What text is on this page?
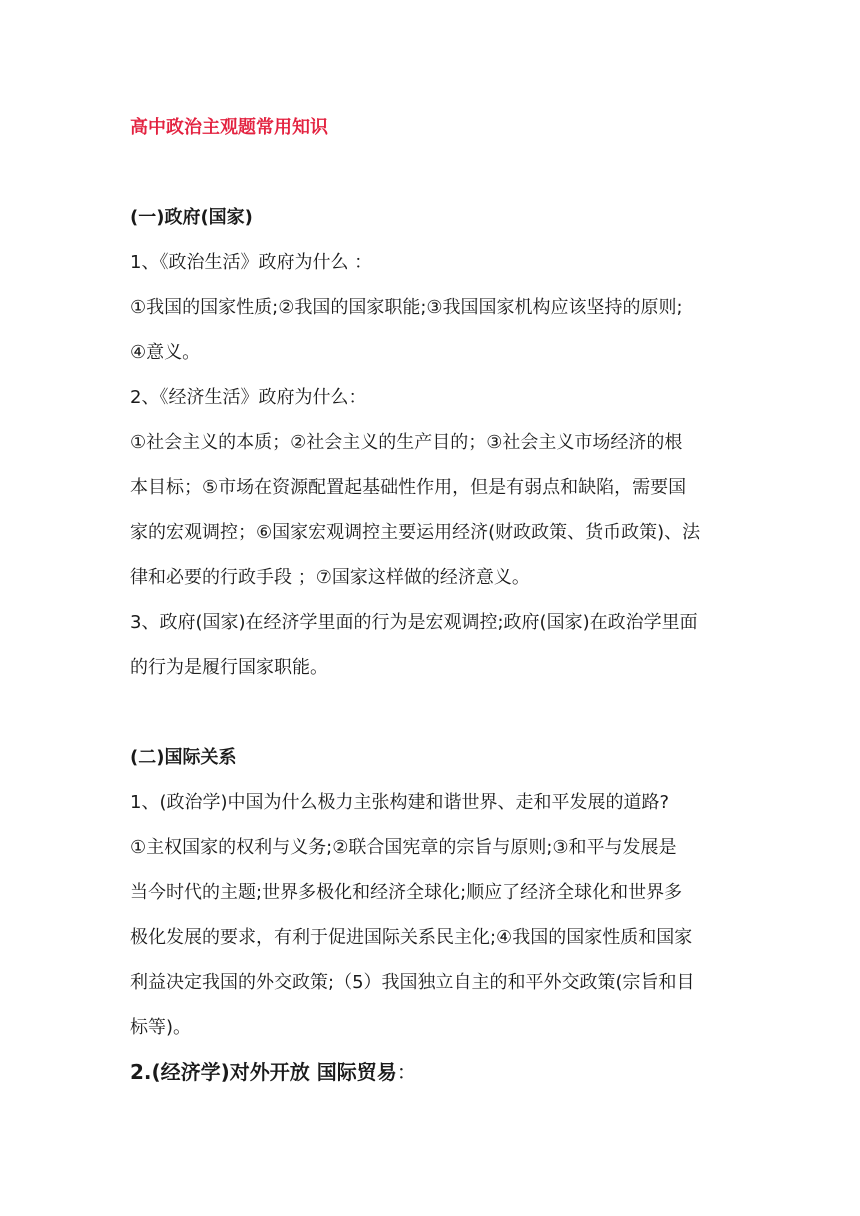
高中政治主观题常用知识
(一)政府(国家)
1、《政治生活》政府为什么 ：
①我国的国家性质;②我国的国家职能;③我国国家机构应该坚持的原则;
④意义。
2、《经济生活》政府为什么：
①社会主义的本质；②社会主义的生产目的；③社会主义市场经济的根
本目标；⑤市场在资源配置起基础性作用，但是有弱点和缺陷，需要国
家的宏观调控；⑥国家宏观调控主要运用经济(财政政策、货币政策)、法
律和必要的行政手段 ；⑦国家这样做的经济意义。
3、政府(国家)在经济学里面的行为是宏观调控;政府(国家)在政治学里面
的行为是履行国家职能。
(二)国际关系
1、(政治学)中国为什么极力主张构建和谐世界、走和平发展的道路?
①主权国家的权利与义务;②联合国宪章的宗旨与原则;③和平与发展是
当今时代的主题;世界多极化和经济全球化;顺应了经济全球化和世界多
极化发展的要求，有利于促进国际关系民主化;④我国的国家性质和国家
利益决定我国的外交政策;（5）我国独立自主的和平外交政策(宗旨和目
标等)。
2.(经济学)对外开放 国际贸易：
